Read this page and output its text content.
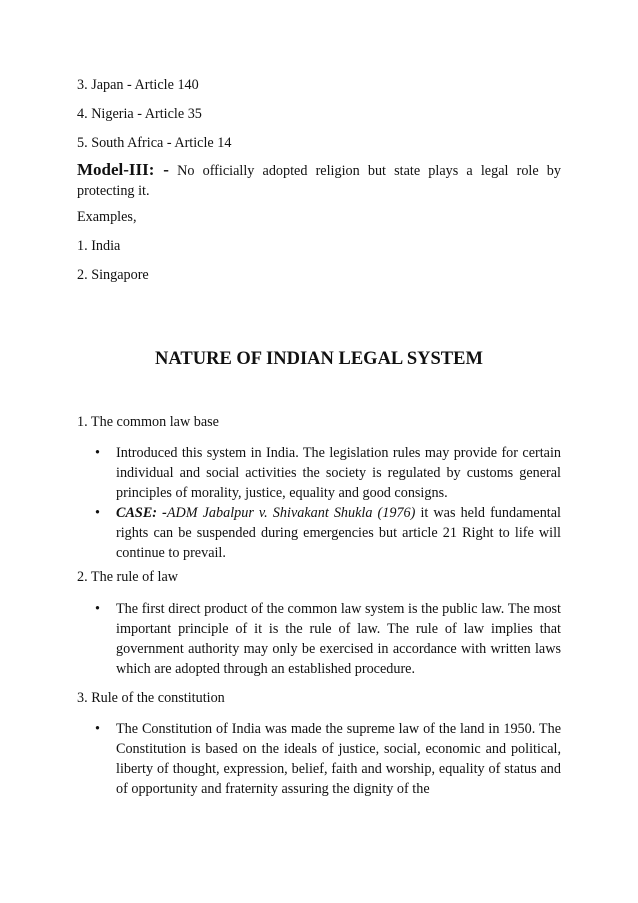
3. Japan - Article 140
4. Nigeria - Article 35
5. South Africa - Article 14
Model-III: - No officially adopted religion but state plays a legal role by protecting it.
Examples,
1. India
2. Singapore
NATURE OF INDIAN LEGAL SYSTEM
1. The common law base
• Introduced this system in India. The legislation rules may provide for certain individual and social activities the society is regulated by customs general principles of morality, justice, equality and good consigns.
• CASE: -ADM Jabalpur v. Shivakant Shukla (1976) it was held fundamental rights can be suspended during emergencies but article 21 Right to life will continue to prevail.
2. The rule of law
• The first direct product of the common law system is the public law. The most important principle of it is the rule of law. The rule of law implies that government authority may only be exercised in accordance with written laws which are adopted through an established procedure.
3. Rule of the constitution
• The Constitution of India was made the supreme law of the land in 1950. The Constitution is based on the ideals of justice, social, economic and political, liberty of thought, expression, belief, faith and worship, equality of status and of opportunity and fraternity assuring the dignity of the
